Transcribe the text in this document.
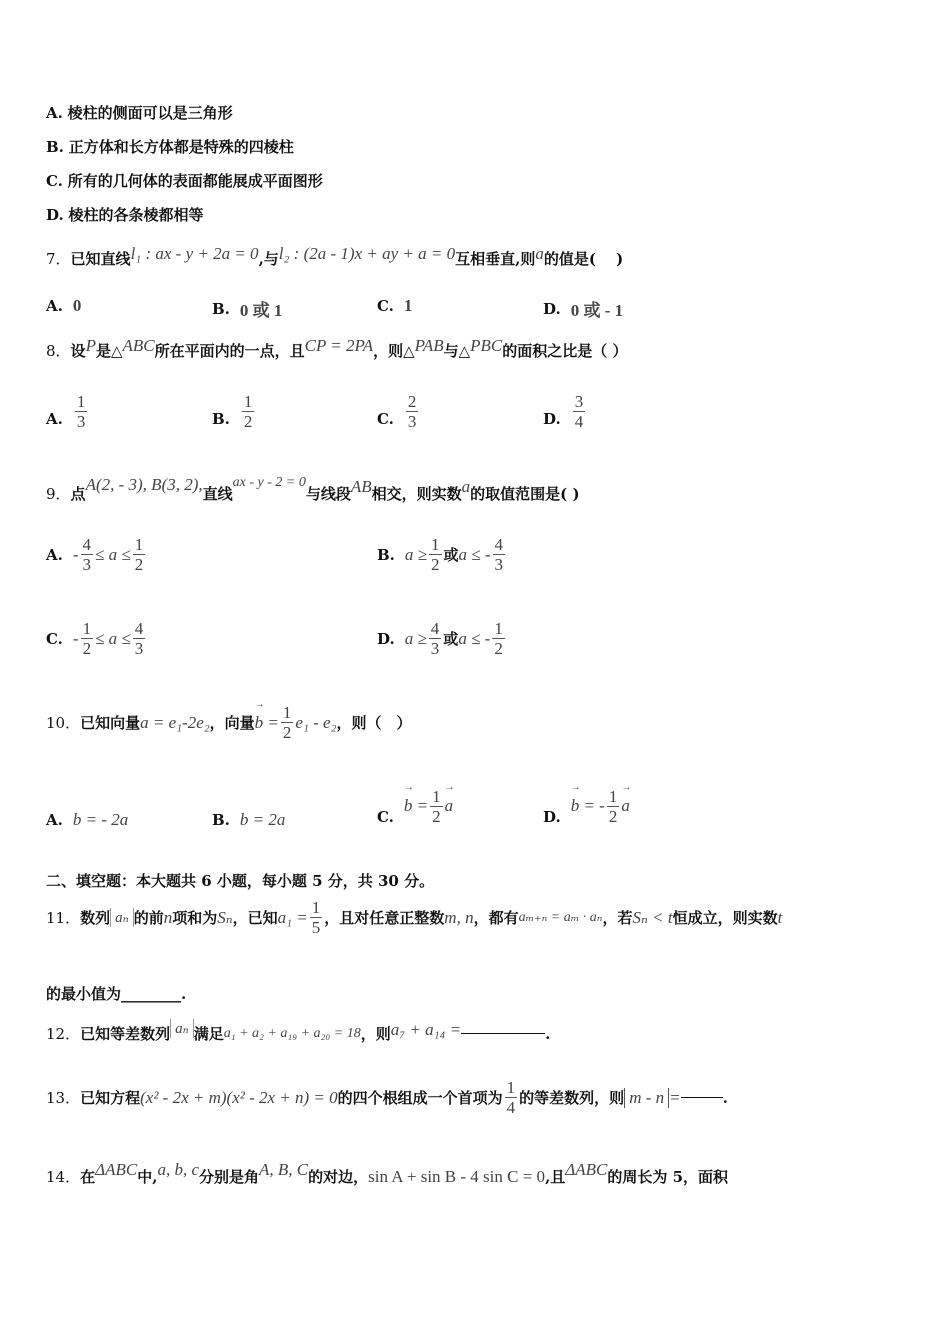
A.
棱柱的侧面可以是三角形
B.
正方体和长方体都是特殊的四棱柱
C.
所有的几何体的表面都能展成平面图形
D.
棱柱的各条棱都相等
7． 已知直线 l₁ : ax - y + 2a = 0 ,与 l₂ : (2a - 1)x + ay + a = 0 互相垂直,则 a 的值是(　 )
A. 0	B. 0 或 1	C. 1	D. 0 或 - 1
8． 设 P 是△ ABC 所在平面内的一点，且 CP = 2PA ，则△ PAB 与△ PBC 的面积之比是（ ）
A. $\frac{1}{3}$	B. $\frac{1}{2}$	C. $\frac{2}{3}$	D. $\frac{3}{4}$
9． 点
A(2, - 3), B(3, 2),
直线
ax - y - 2 = 0
与线段 AB 相交，则实数 a 的取值范围是( )
A. - $\frac{4}{3} \le a \le \frac{1}{2}$	B. $a \ge \frac{1}{2}$ 或 a ≤ - $\frac{4}{3}$
C. - $\frac{1}{2} \le a \le \frac{4}{3}$	D. $a \ge \frac{4}{3}$ 或 a ≤ - $\frac{1}{2}$
10． 已知向量 a = e₁-2e₂ ，向量
→ $b = \frac{1}{2} e_1 - e_2$ ，则（　）
A. b = - 2a	B. b = 2a	C.
→ $b = \frac{1}{2}$
→ a
D.
→ b = - $\frac{1}{2}$
→ a
二、填空题：本大题共 6 小题，每小题 5 分，共 30 分。
11． 数列 aₙ 的前 n 项和为 Sₙ ，已知 $a_1 = \frac{1}{5}$ ，且对任意正整数 m, n ，都有 aₘ₊ₙ = aₘ · aₙ ，若 Sₙ < t 恒成立，则实数 t
的最小值为________.
12． 已知等差数列 aₙ 满足 a₁ + a₂ + a₁₉ + a₂₀ = 18 ，则 a₇ + a₁₄ =	.
13． 已知方程 (x² - 2x + m)(x² - 2x + n) = 0 的四个根组成一个首项为 $\frac{1}{4}$ 的等差数列，则 m - n =	.
14． 在 ΔABC 中, a, b, c 分别是角 A, B, C 的对边， sin A + sin B - 4 sin C = 0 ,且 ΔABC 的周长为 5，面积
